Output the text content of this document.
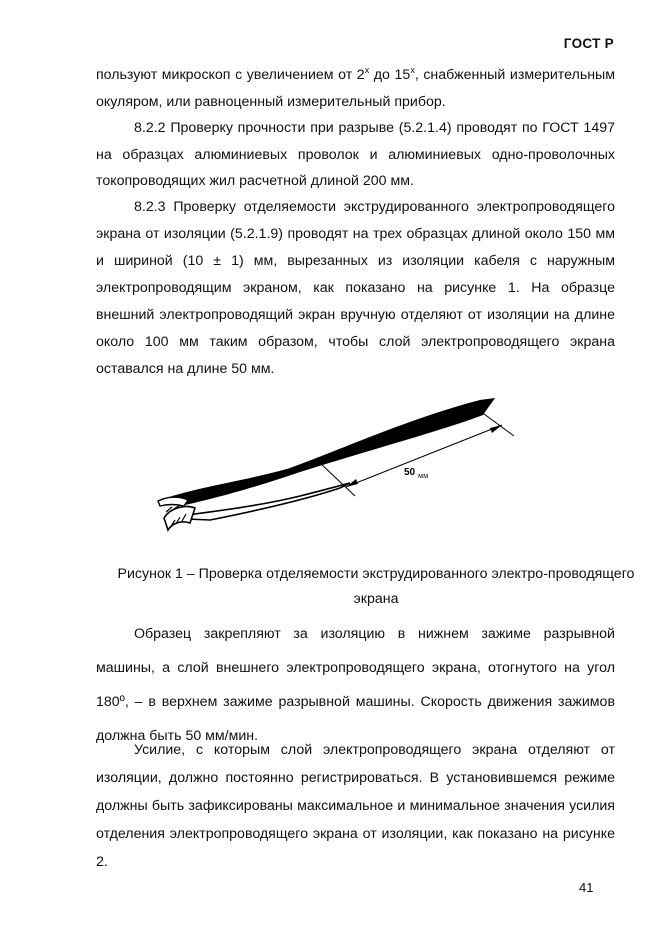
ГОСТ Р

пользуют микроскоп с увеличением от $2^х$ до $15^х$, снабженный измерительным окуляром, или равноценный измерительный прибор.

8.2.2 Проверку прочности при разрыве (5.2.1.4) проводят по ГОСТ 1497 на образцах алюминиевых проволок и алюминиевых одно-проволочных токопроводящих жил расчетной длиной 200 мм.

8.2.3 Проверку отделяемости экструдированного электропроводящего экрана от изоляции (5.2.1.9) проводят на трех образцах длиной около 150 мм и шириной (10 ± 1) мм, вырезанных из изоляции кабеля с наружным электропроводящим экраном, как показано на рисунке 1. На образце внешний электропроводящий экран вручную отделяют от изоляции на длине около 100 мм таким образом, чтобы слой электропроводящего экрана оставался на длине 50 мм.

50 мм
Рисунок 1 – Проверка отделяемости экструдированного электро-проводящего экрана

Образец закрепляют за изоляцию в нижнем зажиме разрывной машины, а слой внешнего электропроводящего экрана, отогнутого на угол 180º, – в верхнем зажиме разрывной машины. Скорость движения зажимов должна быть 50 мм/мин.

Усилие, с которым слой электропроводящего экрана отделяют от изоляции, должно постоянно регистрироваться. В установившемся режиме должны быть зафиксированы максимальное и минимальное значения усилия отделения электропроводящего экрана от изоляции, как показано на рисунке 2.

41
